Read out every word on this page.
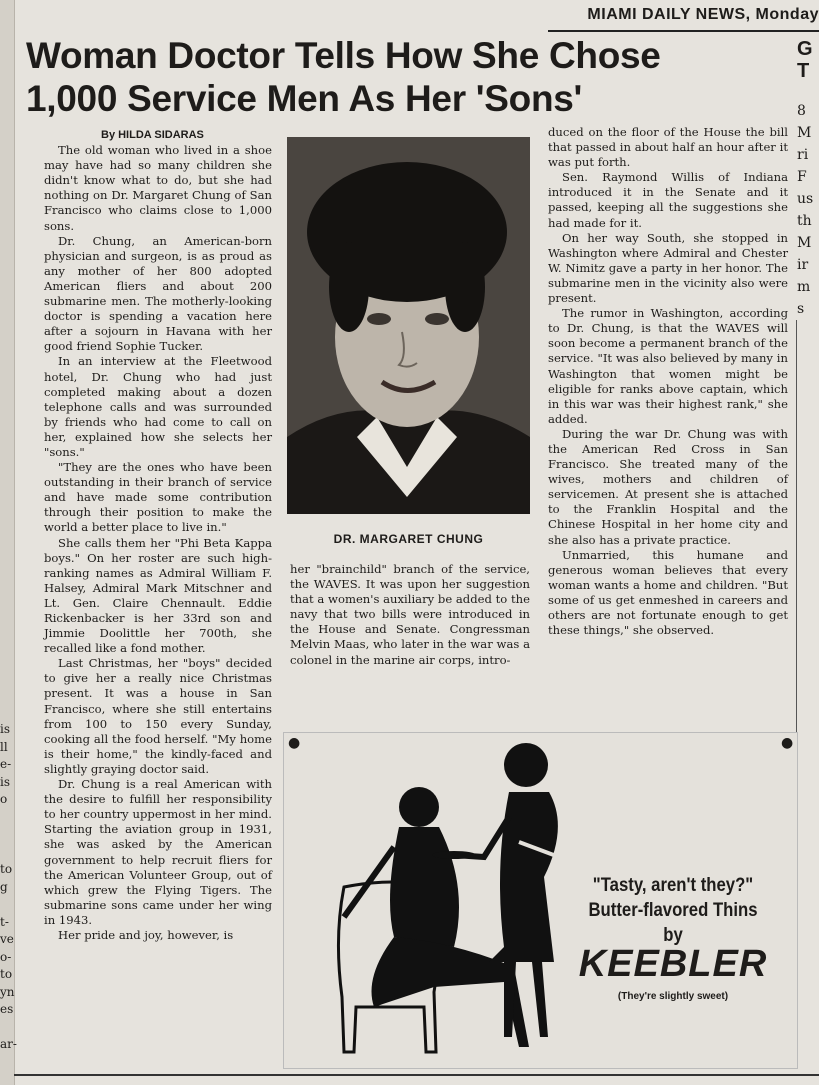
is
ll
e-
is
o
to
g
t-
ve
o-
to
yn
es
ar-
MIAMI DAILY NEWS, Monday
Woman Doctor Tells How She Chose
1,000 Service Men As Her 'Sons'
G
T
8
M
ri
F
us
th
M
ir
m
s
By HILDA SIDARAS

The old woman who lived in a shoe may have had so many children she didn't know what to do, but she had nothing on Dr. Margaret Chung of San Francisco who claims close to 1,000 sons.

Dr. Chung, an American-born physician and surgeon, is as proud as any mother of her 800 adopted American fliers and about 200 submarine men. The motherly-looking doctor is spending a vacation here after a sojourn in Havana with her good friend Sophie Tucker.

In an interview at the Fleetwood hotel, Dr. Chung who had just completed making about a dozen telephone calls and was surrounded by friends who had come to call on her, explained how she selects her "sons."

"They are the ones who have been outstanding in their branch of service and have made some contribution through their position to make the world a better place to live in."

She calls them her "Phi Beta Kappa boys." On her roster are such high-ranking names as Admiral William F. Halsey, Admiral Mark Mitschner and Lt. Gen. Claire Chennault. Eddie Rickenbacker is her 33rd son and Jimmie Doolittle her 700th, she recalled like a fond mother.

Last Christmas, her "boys" decided to give her a really nice Christmas present. It was a house in San Francisco, where she still entertains from 100 to 150 every Sunday, cooking all the food herself. "My home is their home," the kindly-faced and slightly graying doctor said.

Dr. Chung is a real American with the desire to fulfill her responsibility to her country uppermost in her mind. Starting the aviation group in 1931, she was asked by the American government to help recruit fliers for the American Volunteer Group, out of which grew the Flying Tigers. The submarine sons came under her wing in 1943.

Her pride and joy, however, is

DR. MARGARET CHUNG

her "brainchild" branch of the service, the WAVES. It was upon her suggestion that a women's auxiliary be added to the navy that two bills were introduced in the House and Senate. Congressman Melvin Maas, who later in the war was a colonel in the marine air corps, intro-

duced on the floor of the House the bill that passed in about half an hour after it was put forth.

Sen. Raymond Willis of Indiana introduced it in the Senate and it passed, keeping all the suggestions she had made for it.

On her way South, she stopped in Washington where Admiral and Chester W. Nimitz gave a party in her honor. The submarine men in the vicinity also were present.

The rumor in Washington, according to Dr. Chung, is that the WAVES will soon become a permanent branch of the service. "It was also believed by many in Washington that women might be eligible for ranks above captain, which in this war was their highest rank," she added.

During the war Dr. Chung was with the American Red Cross in San Francisco. She treated many of the wives, mothers and children of servicemen. At present she is attached to the Franklin Hospital and the Chinese Hospital in her home city and she also has a private practice.

Unmarried, this humane and generous woman believes that every woman wants a home and children. "But some of us get enmeshed in careers and others are not fortunate enough to get these things," she observed.

●	●
"Tasty, aren't they?"
Butter-flavored Thins by
KEEBLER
(They're slightly sweet)
